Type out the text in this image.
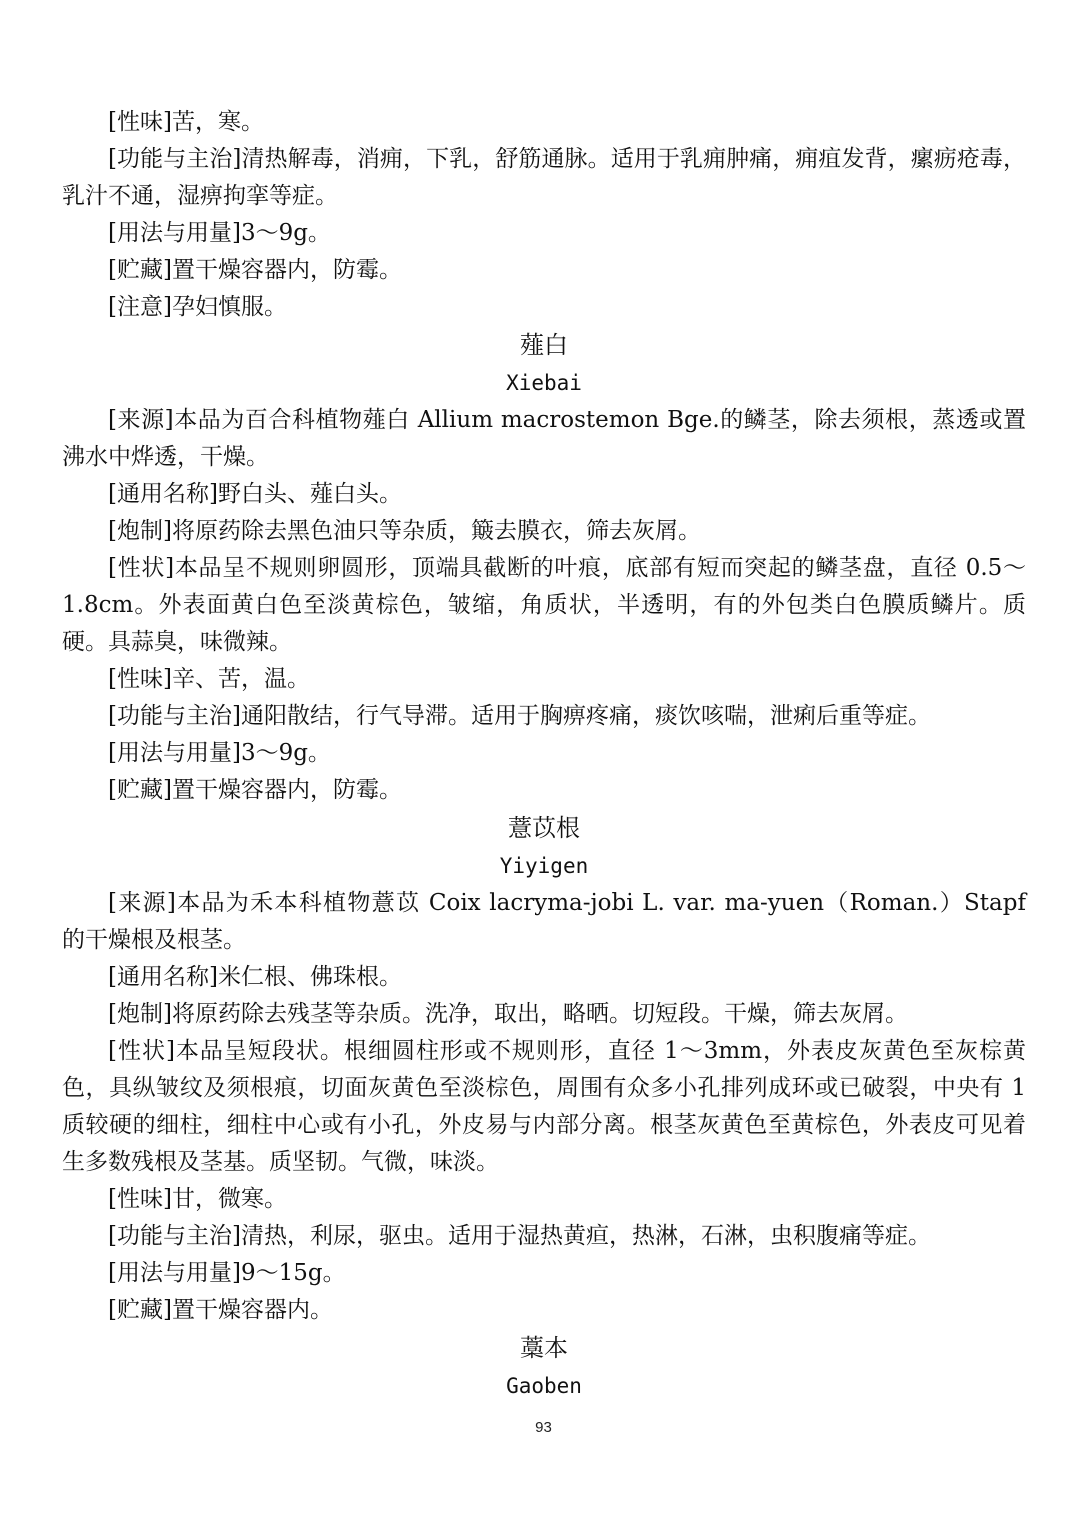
[性味]苦，寒。

[功能与主治]清热解毒，消痈，下乳，舒筋通脉。适用于乳痈肿痛，痈疽发背，瘰疬疮毒，乳汁不通，湿痹拘挛等症。

[用法与用量]3～9g。

[贮藏]置干燥容器内，防霉。

[注意]孕妇慎服。

薤白

Xiebai

[来源]本品为百合科植物薤白 Allium macrostemon Bge.的鳞茎，除去须根，蒸透或置沸水中烨透，干燥。

[通用名称]野白头、薤白头。

[炮制]将原药除去黑色油只等杂质，簸去膜衣，筛去灰屑。

[性状]本品呈不规则卵圆形，顶端具截断的叶痕，底部有短而突起的鳞茎盘，直径 0.5～1.8cm。外表面黄白色至淡黄棕色，皱缩，角质状，半透明，有的外包类白色膜质鳞片。质硬。具蒜臭，味微辣。

[性味]辛、苦，温。

[功能与主治]通阳散结，行气导滞。适用于胸痹疼痛，痰饮咳喘，泄痢后重等症。

[用法与用量]3～9g。

[贮藏]置干燥容器内，防霉。

薏苡根

Yiyigen

[来源]本品为禾本科植物薏苡 Coix lacryma-jobi L. var. ma-yuen（Roman.）Stapf 的干燥根及根茎。

[通用名称]米仁根、佛珠根。

[炮制]将原药除去残茎等杂质。洗净，取出，略晒。切短段。干燥，筛去灰屑。

[性状]本品呈短段状。根细圆柱形或不规则形，直径 1～3mm，外表皮灰黄色至灰棕黄色，具纵皱纹及须根痕，切面灰黄色至淡棕色，周围有众多小孔排列成环或已破裂，中央有 1 质较硬的细柱，细柱中心或有小孔，外皮易与内部分离。根茎灰黄色至黄棕色，外表皮可见着生多数残根及茎基。质坚韧。气微，味淡。

[性味]甘，微寒。

[功能与主治]清热，利尿，驱虫。适用于湿热黄疸，热淋，石淋，虫积腹痛等症。

[用法与用量]9～15g。

[贮藏]置干燥容器内。

藁本

Gaoben

93
